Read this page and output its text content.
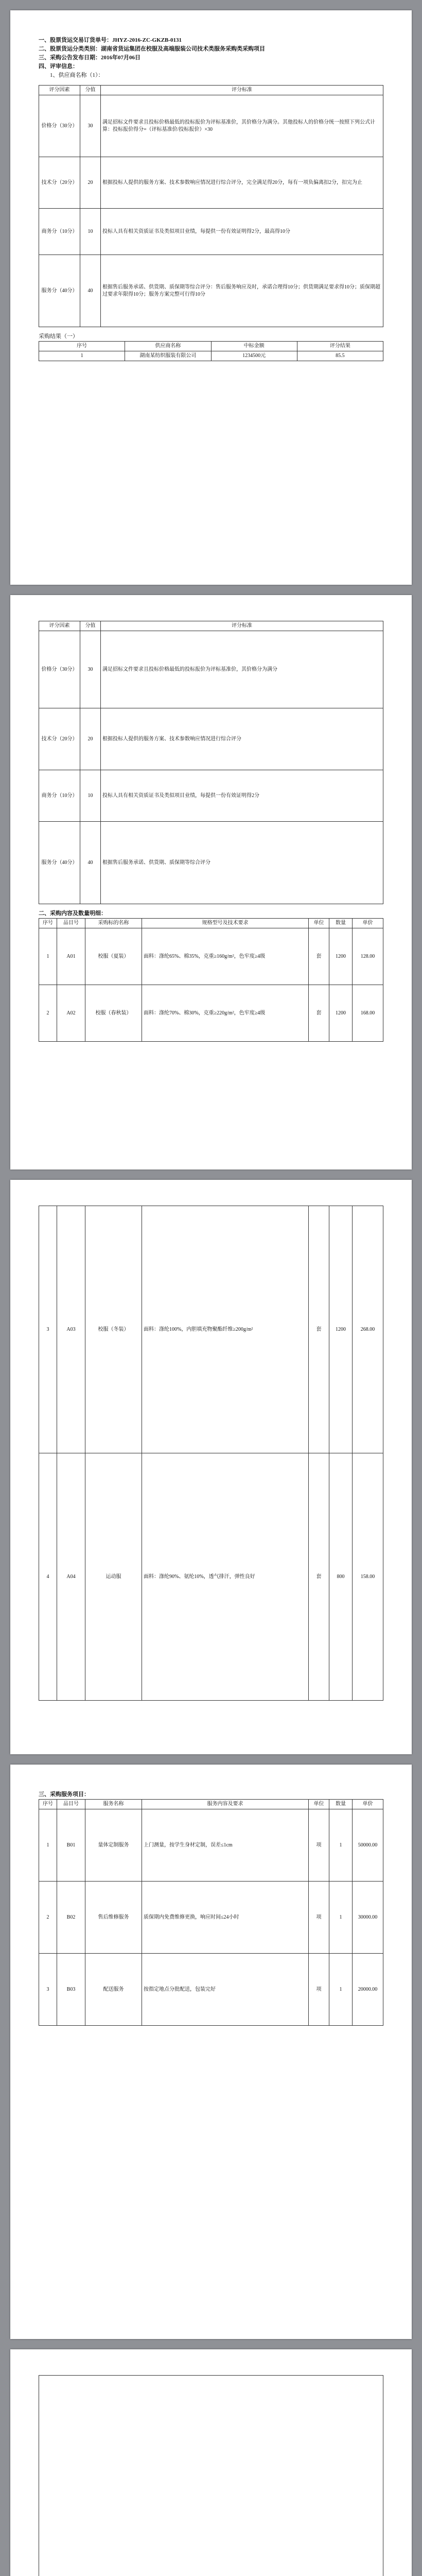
一、股票货运交易订货单号：JHYZ-2016-ZC-GKZB-0131
二、股票货运分类类别：湖南省货运集团在校服及高端服装公司技术类服务采购类采购项目
三、采购公告发布日期：2016年07月06日
四、评审信息：
1、供应商名称（1）：
评分因素	分值	评分标准
价格分（30分）	30	满足招标文件要求且投标价格最低的投标报价为评标基准价，其价格分为满分。其他投标人的价格分统一按照下列公式计算：投标报价得分=（评标基准价/投标报价）×30
技术分（20分）	20	根据投标人提供的服务方案、技术参数响应情况进行综合评分，完全满足得20分，每有一项负偏离扣2分，扣完为止
商务分（10分）	10	投标人具有相关资质证书及类似项目业绩，每提供一份有效证明得2分，最高得10分
服务分（40分）	40	根据售后服务承诺、供货期、质保期等综合评分：售后服务响应及时，承诺合理得10分；供货期满足要求得10分；质保期超过要求年限得10分；服务方案完整可行得10分
采购结果（一）
序号	供应商名称	中标金额	评分结果
1	湖南某纺织服装有限公司	1234500元	85.5
评分因素	分值	评分标准
价格分（30分）	30	满足招标文件要求且投标价格最低的投标报价为评标基准价，其价格分为满分
技术分（20分）	20	根据投标人提供的服务方案、技术参数响应情况进行综合评分
商务分（10分）	10	投标人具有相关资质证书及类似项目业绩，每提供一份有效证明得2分
服务分（40分）	40	根据售后服务承诺、供货期、质保期等综合评分
二、采购内容及数量明细：
序号	品目号	采购标的名称	规格型号及技术要求	单位	数量	单价
1	A01	校服（夏装）	面料：涤纶65%、棉35%，克重≥160g/m²，色牢度≥4级	套	1200	128.00
2	A02	校服（春秋装）	面料：涤纶70%、棉30%，克重≥220g/m²，色牢度≥4级	套	1200	168.00
3	A03	校服（冬装）	面料：涤纶100%，内胆填充物聚酯纤维≥200g/m²	套	1200	268.00
4	A04	运动服	面料：涤纶90%、氨纶10%，透气排汗，弹性良好	套	800	158.00
三、采购服务项目：
序号	品目号	服务名称	服务内容及要求	单位	数量	单价
1	B01	量体定制服务	上门测量，按学生身材定制，误差≤1cm	项	1	50000.00
2	B02	售后维修服务	质保期内免费维修更换，响应时间≤24小时	项	1	30000.00
3	B03	配送服务	按指定地点分批配送，包装完好	项	1	20000.00
